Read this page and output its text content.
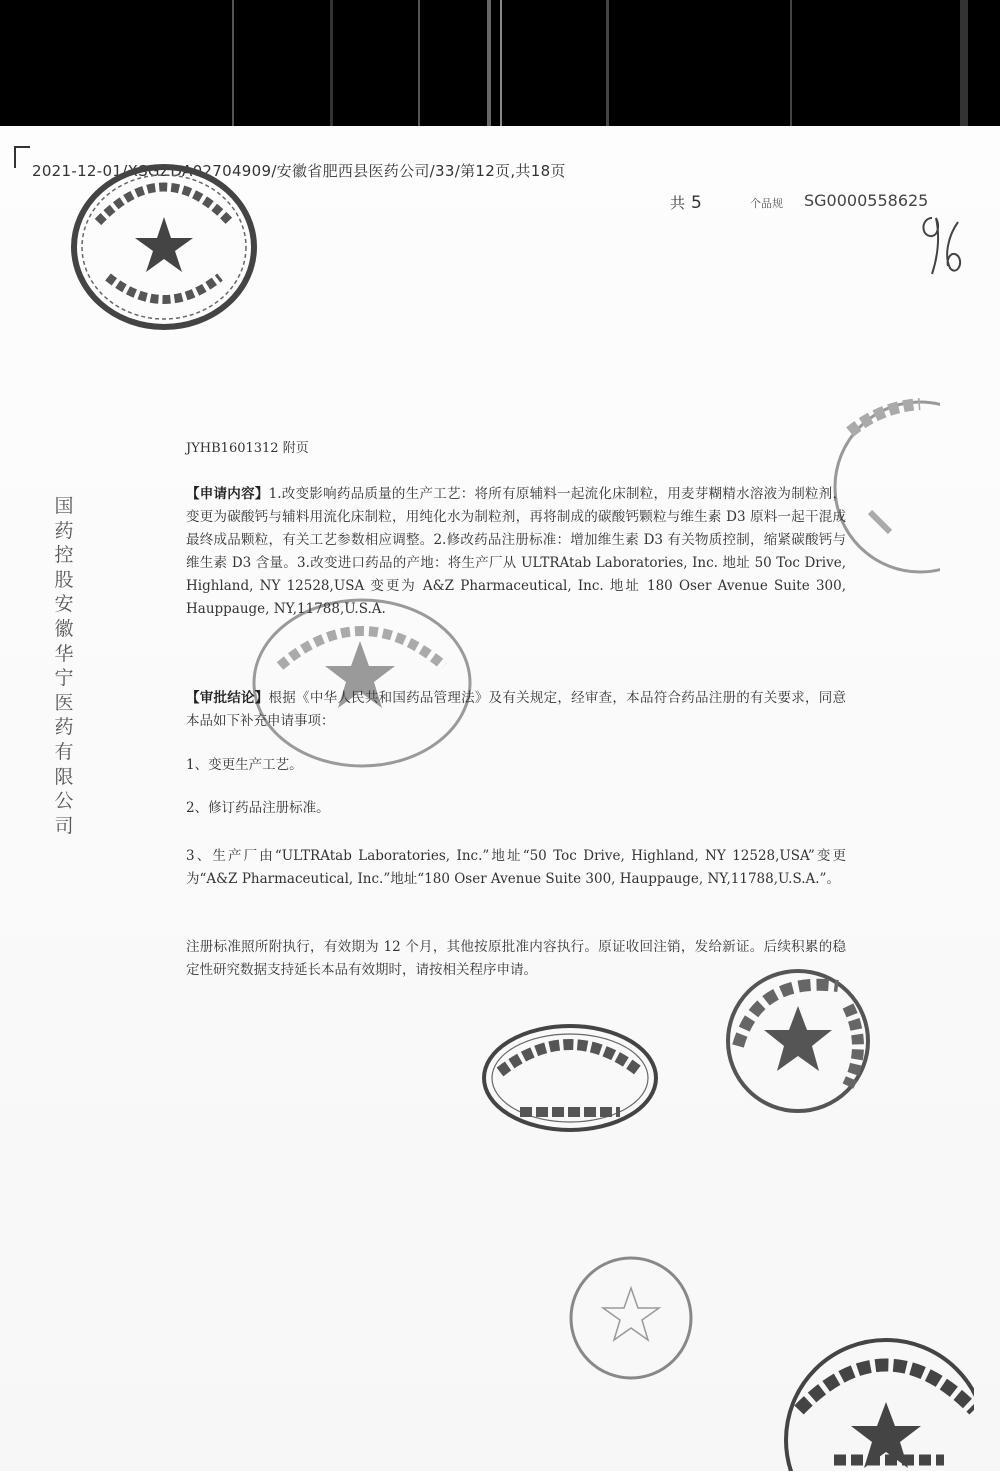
2021-12-01/XSGZDA02704909/安徽省肥西县医药公司/33/第12页,共18页
共 5	个品规 SG0000558625
国药控股安徽华宁医药有限公司
JYHB1601312 附页
【申请内容】1.改变影响药品质量的生产工艺：将所有原辅料一起流化床制粒，用麦芽糊精水溶液为制粒剂，变更为碳酸钙与辅料用流化床制粒，用纯化水为制粒剂，再将制成的碳酸钙颗粒与维生素 D3 原料一起干混成最终成品颗粒，有关工艺参数相应调整。2.修改药品注册标准：增加维生素 D3 有关物质控制，缩紧碳酸钙与维生素 D3 含量。3.改变进口药品的产地：将生产厂从 ULTRAtab Laboratories, Inc. 地址 50 Toc Drive, Highland, NY 12528,USA 变更为 A&Z Pharmaceutical, Inc. 地址 180 Oser Avenue Suite 300, Hauppauge, NY,11788,U.S.A.
【审批结论】根据《中华人民共和国药品管理法》及有关规定，经审查，本品符合药品注册的有关要求，同意本品如下补充申请事项：
1、变更生产工艺。
2、修订药品注册标准。
3、生产厂由“ULTRAtab Laboratories, Inc.”地址“50 Toc Drive, Highland, NY 12528,USA”变更为“A&Z Pharmaceutical, Inc.”地址“180 Oser Avenue Suite 300, Hauppauge, NY,11788,U.S.A.”。
注册标准照所附执行，有效期为 12 个月，其他按原批准内容执行。原证收回注销，发给新证。后续积累的稳定性研究数据支持延长本品有效期时，请按相关程序申请。
